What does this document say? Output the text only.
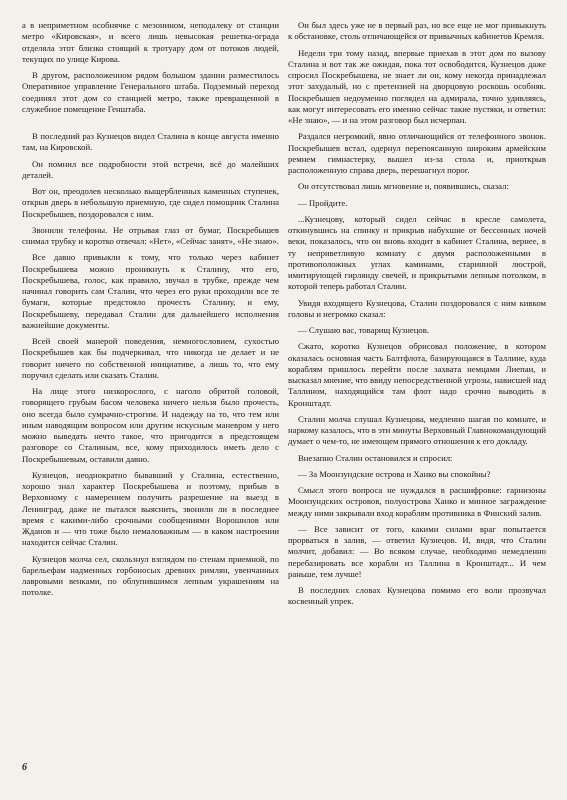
а в неприметном особнячке с мезонином, неподалеку от станции метро «Кировская», и всего лишь невысокая решетка-ограда отделяла этот близко стоящий к тротуару дом от потоков людей, текущих по улице Кирова.

В другом, расположенном рядом большом здании разместилось Оперативное управление Генерального штаба. Подземный переход соединял этот дом со станцией метро, также превращенной в служебное помещение Генштаба.

В последний раз Кузнецов видел Сталина в конце августа именно там, на Кировской.

Он помнил все подробности этой встречи, всё до малейших деталей.

Вот он, преодолев несколько выщербленных каменных ступенек, открыв дверь в небольшую приемную, где сидел помощник Сталина Поскребышев, поздоровался с ним.

Звонили телефоны. Не отрывая глаз от бумаг, Поскребышев снимал трубку и коротко отвечал: «Нет», «Сейчас занят», «Не знаю».

Все давно привыкли к тому, что только через кабинет Поскребышева можно проникнуть к Сталину, что его, Поскребышева, голос, как правило, звучал в трубке, прежде чем начинал говорить сам Сталин, что через его руки проходили все те бумаги, которые предстояло прочесть Сталину, и ему, Поскребышеву, передавал Сталин для дальнейшего исполнения важнейшие документы.

Всей своей манерой поведения, немногословием, сухостью Поскребышев как бы подчеркивал, что никогда не делает и не говорит ничего по собственной инициативе, а лишь то, что ему поручил сделать или сказать Сталин.

На лице этого низкорослого, с наголо обритой головой, говорящего грубым басом человека ничего нельзя было прочесть, оно всегда было сумрачно-строгим. И надежду на то, что тем или иным наводящим вопросом или другим искусным маневром у него можно выведать нечто такое, что пригодится в предстоящем разговоре со Сталиным, все, кому приходилось иметь дело с Поскребышевым, оставили давно.

Кузнецов, неоднократно бывавший у Сталина, естественно, хорошо знал характер Поскребышева и поэтому, прибыв в Верховному с намерением получить разрешение на выезд в Ленинград, даже не пытался выяснить, звонили ли в последнее время с какими-либо срочными сообщениями Ворошилов или Жданов и — что тоже было немаловажным — в каком настроении находится сейчас Сталин.

Кузнецов молча сел, скользнул взглядом по стенам приемной, по барельефам надменных горбоносых древних римлян, увенчанных лавровыми венками, по облупившимся лепным украшениям на потолке.

Он был здесь уже не в первый раз, но все еще не мог привыкнуть к обстановке, столь отличающейся от привычных кабинетов Кремля.

Недели три тому назад, впервые приехав в этот дом по вызову Сталина и вот так же ожидая, пока тот освободится, Кузнецов даже спросил Поскребышева, не знает ли он, кому некогда принадлежал этот захудалый, но с претензией на дворцовую роскошь особняк. Поскребышев недоуменно поглядел на адмирала, точно удивляясь, как могут интересовать его именно сейчас такие пустяки, и ответил: «Не знаю», — и на этом разговор был исчерпан.

Раздался негромкий, явно отличающийся от телефонного звонок. Поскребышев встал, одернул перепоясанную широким армейским ремнем гимнастерку, вышел из-за стола и, приоткрыв расположенную справа дверь, перешагнул порог.

Он отсутствовал лишь мгновение и, появившись, сказал:

— Пройдите.

...Кузнецову, который сидел сейчас в кресле самолета, откинувшись на спинку и прикрыв набухшие от бессонных ночей веки, показалось, что он вновь входит в кабинет Сталина, вернее, в ту неприветливую комнату с двумя расположенными в противоположных углах каминами, старинной люстрой, имитирующей гирлянду свечей, и прикрытыми лепным потолком, в которой теперь работал Сталин.

Увидя входящего Кузнецова, Сталин поздоровался с ним кивком головы и негромко сказал:

— Слушаю вас, товарищ Кузнецов.

Сжато, коротко Кузнецов обрисовал положение, в котором оказалась основная часть Балтфлота, базирующаяся в Таллине, куда кораблям пришлось перейти после захвата немцами Лиепаи, и высказал мнение, что ввиду непосредственной угрозы, нависшей над Таллином, находящийся там флот надо срочно выводить в Кронштадт.

Сталин молча слушал Кузнецова, медленно шагая по комнате, и наркому казалось, что в эти минуты Верховный Главнокомандующий думает о чем-то, не имеющем прямого отношения к его докладу.

Внезапно Сталин остановился и спросил:

— За Моонзундские острова и Ханко вы спокойны?

Смысл этого вопроса не нуждался в расшифровке: гарнизоны Моонзундских островов, полуострова Ханко и минное заграждение между ними закрывали вход кораблям противника в Финский залив.

— Все зависит от того, какими силами враг попытается прорваться в залив, — ответил Кузнецов. И, видя, что Сталин молчит, добавил: — Во всяком случае, необходимо немедленно перебазировать все корабли из Таллина в Кронштадт... И чем раньше, тем лучше!

В последних словах Кузнецова помимо его воли прозвучал косвенный упрек.

6
